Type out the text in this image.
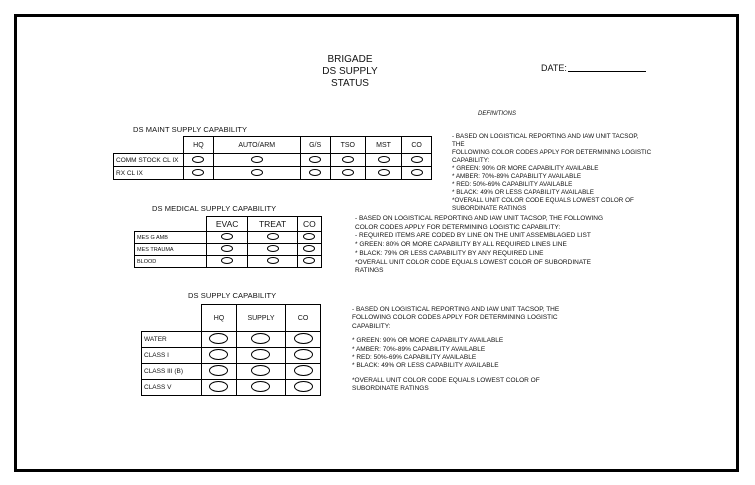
BRIGADE
DS SUPPLY
STATUS
DATE:
DEFINITIONS
DS MAINT SUPPLY CAPABILITY
	HQ	AUTO/ARM	G/S	TSO	MST	CO
COMM STOCK CL IX						
RX CL IX						

- BASED ON LOGISTICAL REPORTING AND IAW UNIT TACSOP, THE

FOLLOWING COLOR CODES APPLY FOR DETERMINING LOGISTIC

CAPABILITY:

* GREEN: 90% OR MORE CAPABILITY AVAILABLE

* AMBER: 70%-89% CAPABILITY AVAILABLE

* RED: 50%-69% CAPABILITY AVAILABLE

* BLACK: 49% OR LESS CAPABILITY AVAILABLE

*OVERALL UNIT COLOR CODE EQUALS LOWEST COLOR OF

SUBORDINATE RATINGS

DS MEDICAL SUPPLY CAPABILITY
	EVAC	TREAT	CO
MES G AMB			
MES TRAUMA			
BLOOD			

- BASED ON LOGISTICAL REPORTING AND IAW UNIT TACSOP, THE FOLLOWING

COLOR CODES APPLY FOR DETERMINING LOGISTIC CAPABILITY:

- REQUIRED ITEMS ARE CODED BY LINE ON THE UNIT ASSEMBLAGED LIST

* GREEN: 80% OR MORE CAPABILITY BY ALL REQUIRED LINES LINE

* BLACK: 79% OR LESS CAPABILITY BY ANY REQUIRED LINE

*OVERALL UNIT COLOR CODE EQUALS LOWEST COLOR OF SUBORDINATE

RATINGS

DS SUPPLY CAPABILITY
	HQ	SUPPLY	CO
WATER			
CLASS I			
CLASS III (B)			
CLASS V			

- BASED ON LOGISTICAL REPORTING AND IAW UNIT TACSOP, THE

FOLLOWING COLOR CODES APPLY FOR DETERMINING LOGISTIC

CAPABILITY:

* GREEN: 90% OR MORE CAPABILITY AVAILABLE

* AMBER: 70%-89% CAPABILITY AVAILABLE

* RED: 50%-69% CAPABILITY AVAILABLE

* BLACK: 49% OR LESS CAPABILITY AVAILABLE

*OVERALL UNIT COLOR CODE EQUALS LOWEST COLOR OF

SUBORDINATE RATINGS
